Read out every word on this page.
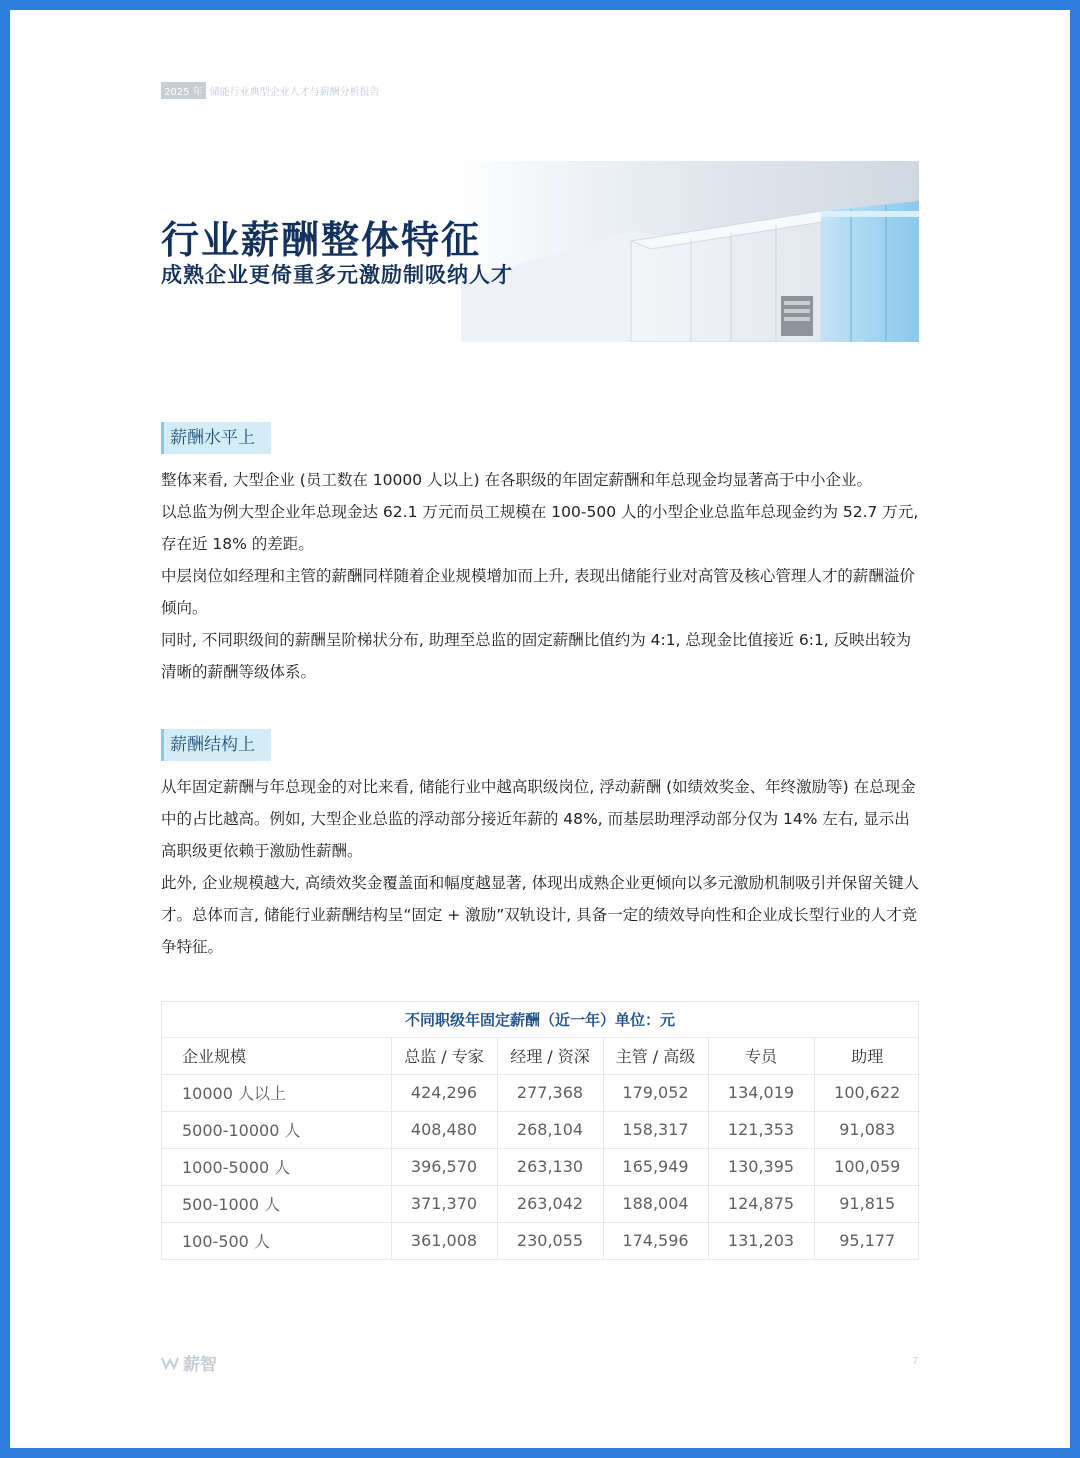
2025 年 储能行业典型企业人才与薪酬分析报告
行业薪酬整体特征
成熟企业更倚重多元激励制吸纳人才
薪酬水平上

整体来看, 大型企业 (员工数在 10000 人以上) 在各职级的年固定薪酬和年总现金均显著高于中小企业。

以总监为例大型企业年总现金达 62.1 万元而员工规模在 100-500 人的小型企业总监年总现金约为 52.7 万元,存在近 18% 的差距。

中层岗位如经理和主管的薪酬同样随着企业规模增加而上升, 表现出储能行业对高管及核心管理人才的薪酬溢价倾向。

同时, 不同职级间的薪酬呈阶梯状分布, 助理至总监的固定薪酬比值约为 4:1, 总现金比值接近 6:1, 反映出较为清晰的薪酬等级体系。

薪酬结构上

从年固定薪酬与年总现金的对比来看, 储能行业中越高职级岗位, 浮动薪酬 (如绩效奖金、年终激励等) 在总现金中的占比越高。例如, 大型企业总监的浮动部分接近年薪的 48%, 而基层助理浮动部分仅为 14% 左右, 显示出高职级更依赖于激励性薪酬。

此外, 企业规模越大, 高绩效奖金覆盖面和幅度越显著, 体现出成熟企业更倾向以多元激励机制吸引并保留关键人才。总体而言, 储能行业薪酬结构呈“固定 + 激励”双轨设计, 具备一定的绩效导向性和企业成长型行业的人才竞争特征。

不同职级年固定薪酬（近一年）单位：元
企业规模	总监 / 专家	经理 / 资深	主管 / 高级	专员	助理
10000 人以上	424,296	277,368	179,052	134,019	100,622
5000-10000 人	408,480	268,104	158,317	121,353	91,083
1000-5000 人	396,570	263,130	165,949	130,395	100,059
500-1000 人	371,370	263,042	188,004	124,875	91,815
100-500 人	361,008	230,055	174,596	131,203	95,177
薪智	7
